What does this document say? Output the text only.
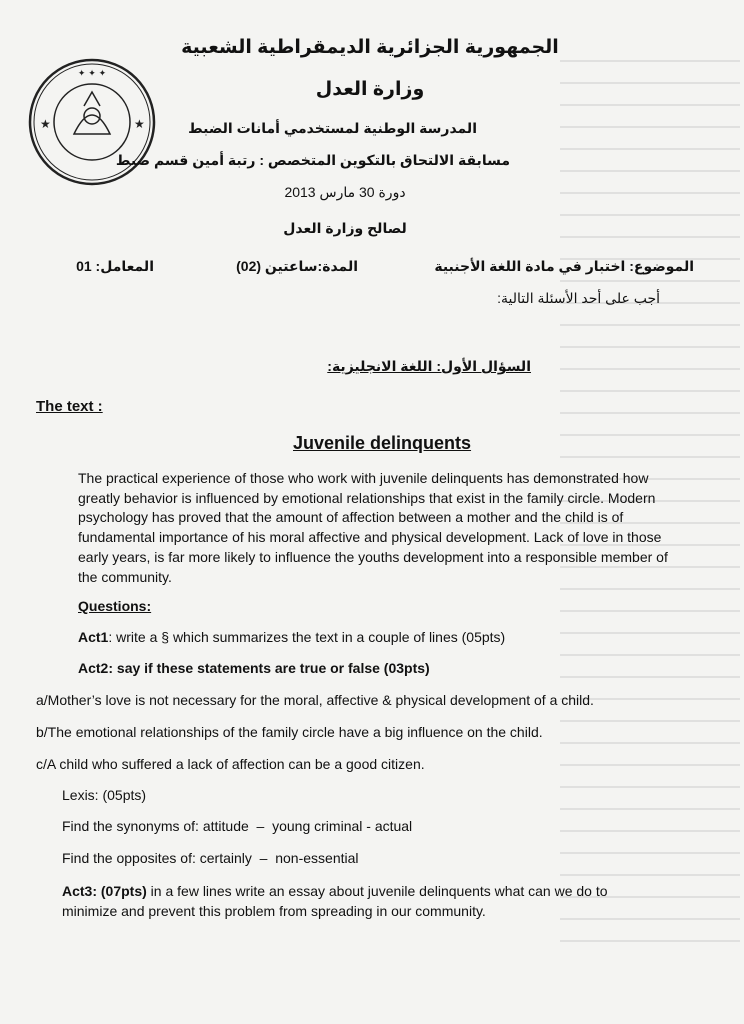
★	★
✦ ✦ ✦
الجمهورية الجزائرية الديمقراطية الشعبية
وزارة العدل
المدرسة الوطنية لمستخدمي أمانات الضبط
مسابقة الالتحاق بالتكوين المتخصص : رتبة أمين قسم ضبط
دورة 30 مارس 2013
لصالح وزارة العدل
الموضوع: اختبار في مادة اللغة الأجنبية
المدة:ساعتين (02)
المعامل: 01
أجب على أحد الأسئلة التالية:
السؤال الأول: اللغة الانجليزية:
The text :
Juvenile delinquents

The practical experience of those who work with juvenile delinquents has demonstrated how greatly behavior is influenced by emotional relationships that exist in the family circle. Modern psychology has proved that the amount of affection between a mother and the child is of fundamental importance of his moral affective and physical development. Lack of love in those early years, is far more likely to influence the youths development into a responsible member of the community.

Questions:
Act1: write a § which summarizes the text in a couple of lines (05pts)
Act2: say if these statements are true or false (03pts)
a/Mother’s love is not necessary for the moral, affective & physical development of a child.
b/The emotional relationships of the family circle have a big influence on the child.
c/A child who suffered a lack of affection can be a good citizen.
Lexis: (05pts)
Find the synonyms of: attitude  –  young criminal - actual
Find the opposites of: certainly  –  non-essential
Act3: (07pts) in a few lines write an essay about juvenile delinquents what can we do to minimize and prevent this problem from spreading in our community.
